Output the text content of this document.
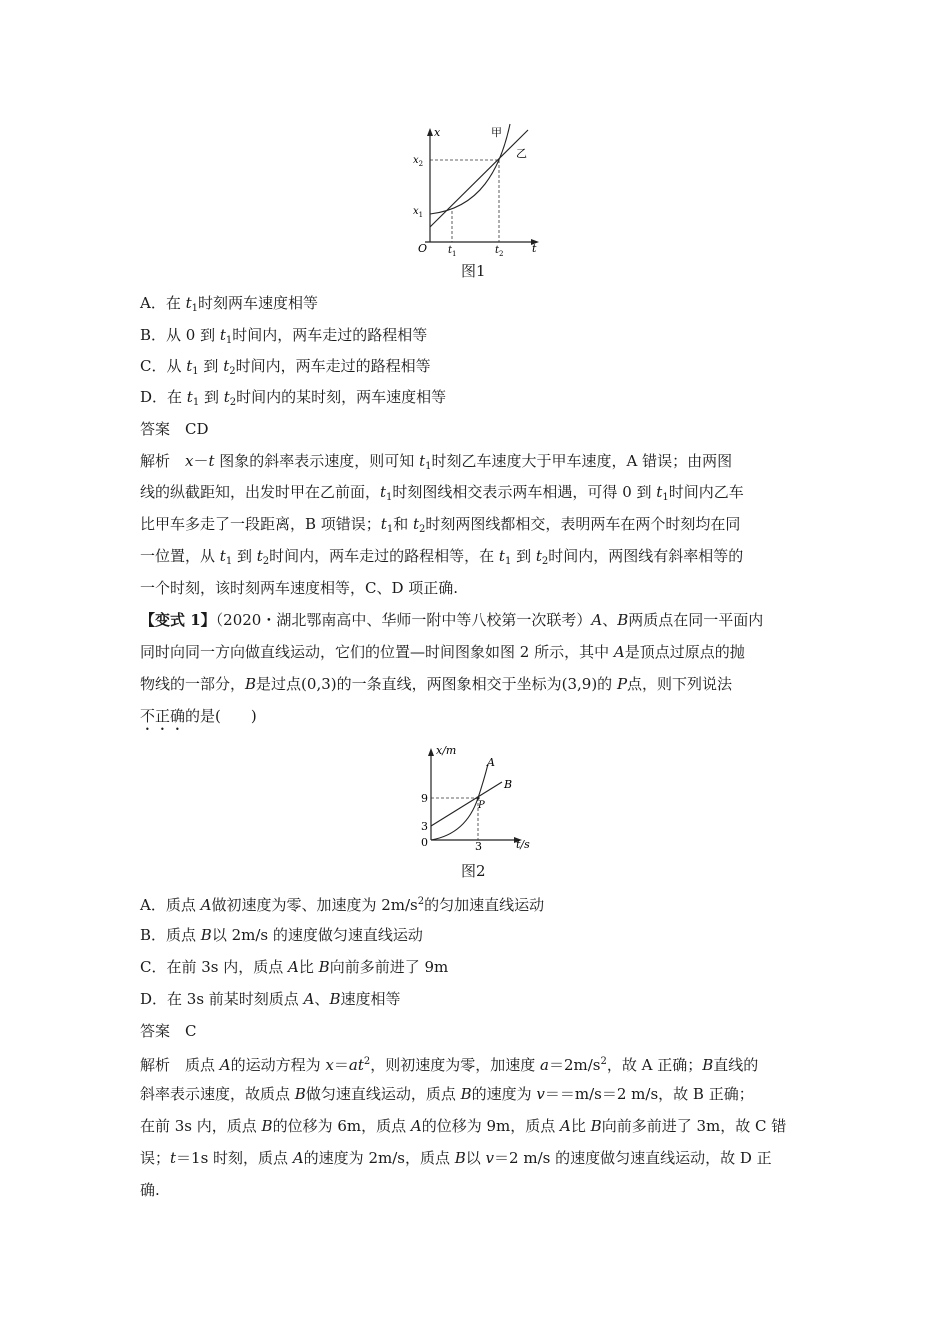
x	甲
乙
O	t
$x_2$
$x_1$
$t_1$	$t_2$
图1
A．在 $t_1$时刻两车速度相等
B．从 0 到 $t_1$时间内，两车走过的路程相等
C．从 $t_1$ 到 $t_2$时间内，两车走过的路程相等
D．在 $t_1$ 到 $t_2$时间内的某时刻，两车速度相等
答案　CD
解析　x－t 图象的斜率表示速度，则可知 $t_1$时刻乙车速度大于甲车速度，A 错误；由两图
线的纵截距知，出发时甲在乙前面，$t_1$时刻图线相交表示两车相遇，可得 0 到 $t_1$时间内乙车
比甲车多走了一段距离，B 项错误；$t_1$和 $t_2$时刻两图线都相交，表明两车在两个时刻均在同
一位置，从 $t_1$ 到 $t_2$时间内，两车走过的路程相等，在 $t_1$ 到 $t_2$时间内，两图线有斜率相等的
一个时刻，该时刻两车速度相等，C、D 项正确.
【变式 1】（2020・湖北鄂南高中、华师一附中等八校第一次联考）A、B两质点在同一平面内
同时向同一方向做直线运动，它们的位置—时间图象如图 2 所示，其中 A是顶点过原点的抛
物线的一部分，B是过点(0,3)的一条直线，两图象相交于坐标为(3,9)的 P点，则下列说法
不正确的是(　　)
x/m
A
B
P
9
3
0	3	t/s
图2
A．质点 A做初速度为零、加速度为 $2m/s^2$的匀加速直线运动
B．质点 B以 2m/s 的速度做匀速直线运动
C．在前 3s 内，质点 A比 B向前多前进了 9m
D．在 3s 前某时刻质点 A、B速度相等
答案　C
解析　质点 A的运动方程为 $x=at^2$，则初速度为零，加速度 $a=2m/s^2$，故 A 正确；B直线的
斜率表示速度，故质点 B做匀速直线运动，质点 B的速度为 v＝＝m/s＝2 m/s，故 B 正确；
在前 3s 内，质点 B的位移为 6m，质点 A的位移为 9m，质点 A比 B向前多前进了 3m，故 C 错
误；t＝1s 时刻，质点 A的速度为 2m/s，质点 B以 v＝2 m/s 的速度做匀速直线运动，故 D 正
确.
